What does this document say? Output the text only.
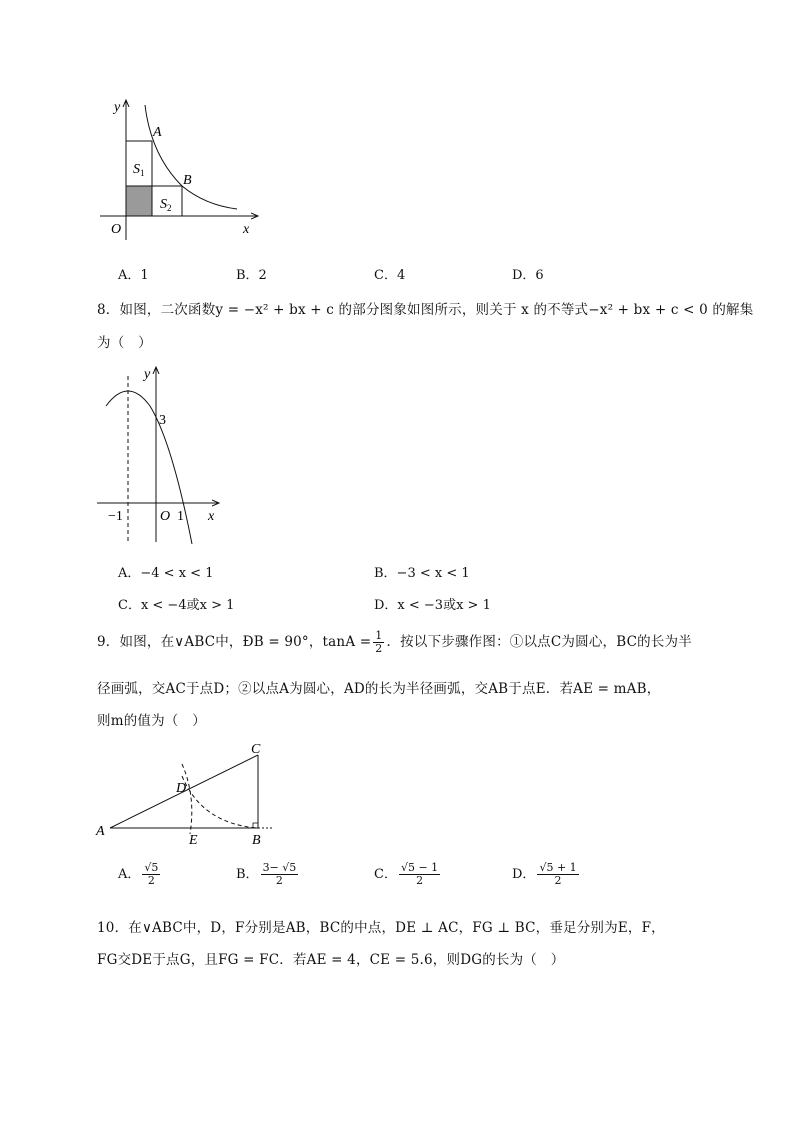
y
x
O
A
B
$S_1$
$S_2$
A．1	B．2	C．4	D．6
8．如图，二次函数y = −x² + bx + c 的部分图象如图所示，则关于 x 的不等式−x² + bx + c < 0 的解集
为（　）
y
x
O
3
−1	1
A．−4 < x < 1	B．−3 < x < 1
C．x < −4或x > 1	D．x < −3或x > 1
9．如图，在∨ABC中，ÐB = 90°，$\tan A = \frac{1}{2}$ ．按以下步骤作图：①以点C为圆心，BC的长为半
径画弧，交AC于点D；②以点A为圆心，AD的长为半径画弧，交AB于点E．若AE = mAB，
则m的值为（　）
A
B
C
D
E
A． $\frac{√5}{2}$	B． $\frac{3- √5}{2}$	C． $\frac{√5 - 1}{2}$	D． $\frac{√5 + 1}{2}$
10．在∨ABC中，D，F分别是AB，BC的中点，DE ⊥ AC，FG ⊥ BC，垂足分别为E，F，
FG交DE于点G，且FG = FC．若AE = 4，CE = 5.6，则DG的长为（　）
